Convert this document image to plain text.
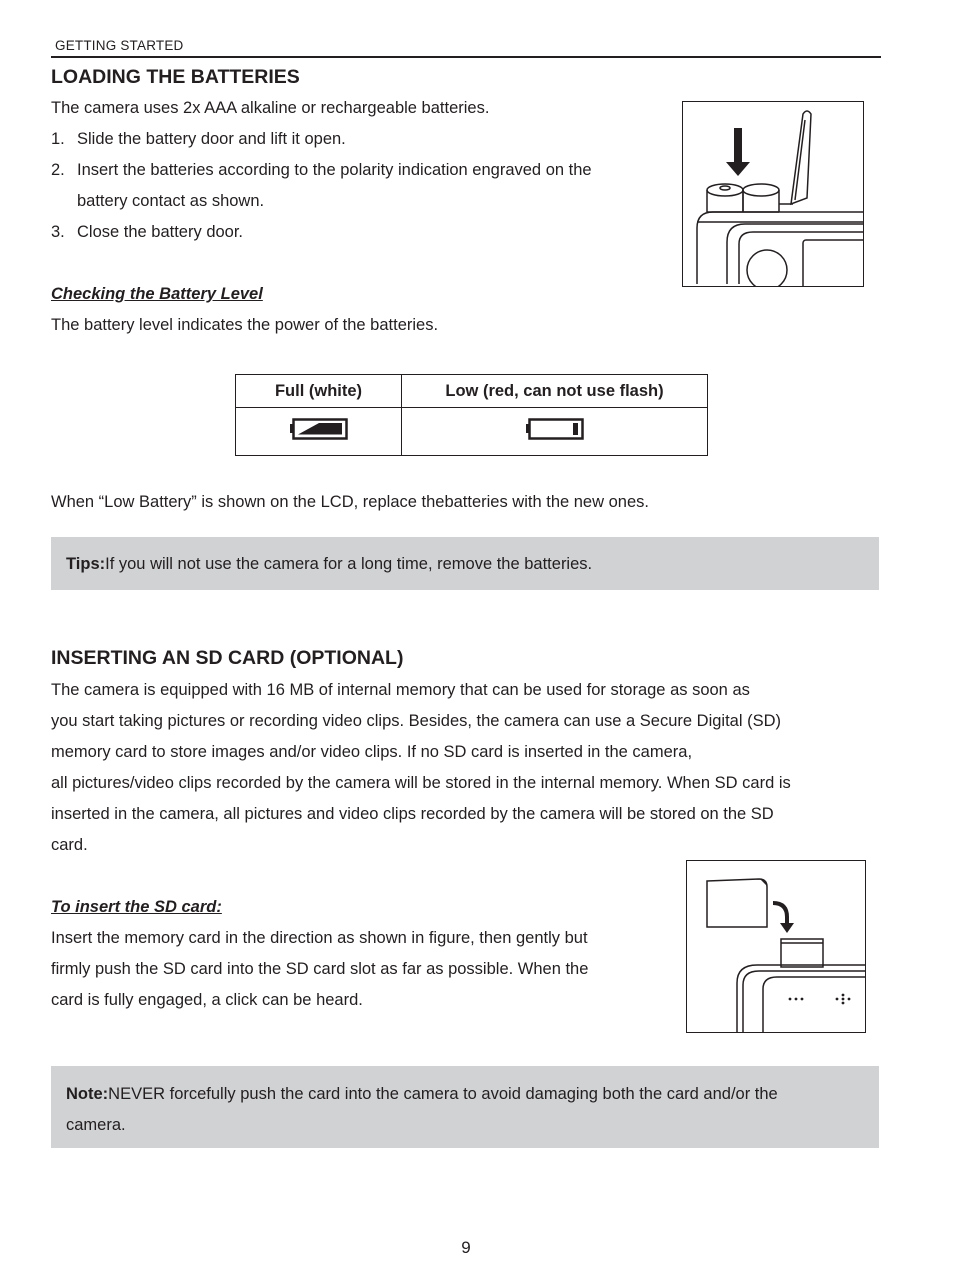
GETTING STARTED
LOADING THE BATTERIES
The camera uses 2x AAA alkaline or rechargeable batteries.
1. Slide the battery door and lift it open.
2. Insert the batteries according to the polarity indication engraved on the
battery contact as shown.
3. Close the battery door.
Checking the Battery Level
The battery level indicates the power of the batteries.
Full (white)	Low (red, can not use flash)

When “Low Battery” is shown on the LCD, replace thebatteries with the new ones.
Tips:If you will not use the camera for a long time, remove the batteries.
INSERTING AN SD CARD (OPTIONAL)
The camera is equipped with 16 MB of internal memory that can be used for storage as soon as
you start taking pictures or recording video clips. Besides, the camera can use a Secure Digital (SD)
memory card to store images and/or video clips. If no SD card is inserted in the camera,
all pictures/video clips recorded by the camera will be stored in the internal memory. When SD card is
inserted in the camera, all pictures and video clips recorded by the camera will be stored on the SD
card.
To insert the SD card:
Insert the memory card in the direction as shown in figure, then gently but
firmly push the SD card into the SD card slot as far as possible. When the
card is fully engaged, a click can be heard.
Note:NEVER forcefully push the card into the camera to avoid damaging both the card and/or the
camera.
9
